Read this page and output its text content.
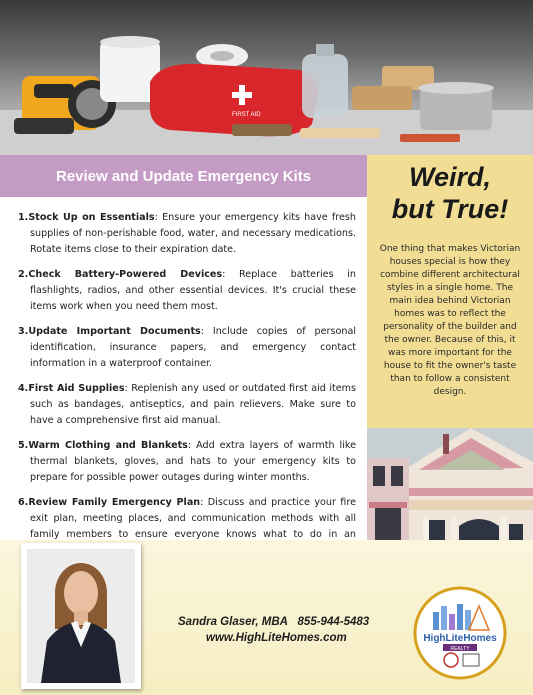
FIRST AID
Review and Update Emergency Kits
1.Stock Up on Essentials: Ensure your emergency kits have fresh supplies of non-perishable food, water, and necessary medications. Rotate items close to their expiration date.
2.Check Battery-Powered Devices: Replace batteries in flashlights, radios, and other essential devices. It's crucial these items work when you need them most.
3.Update Important Documents: Include copies of personal identification, insurance papers, and emergency contact information in a waterproof container.
4.First Aid Supplies: Replenish any used or outdated first aid items such as bandages, antiseptics, and pain relievers. Make sure to have a comprehensive first aid manual.
5.Warm Clothing and Blankets: Add extra layers of warmth like thermal blankets, gloves, and hats to your emergency kits to prepare for possible power outages during winter months.
6.Review Family Emergency Plan: Discuss and practice your fire exit plan, meeting places, and communication methods with all family members to ensure everyone knows what to do in an
Weird,
but True!

One thing that makes Victorian houses special is how they combine different architectural styles in a single home. The main idea behind Victorian homes was to reflect the personality of the builder and the owner. Because of this, it was more important for the house to fit the owner's taste than to follow a consistent design.

Sandra Glaser, MBA 855-944-5483
www.HighLiteHomes.com	HighLiteHomes
REALTY
